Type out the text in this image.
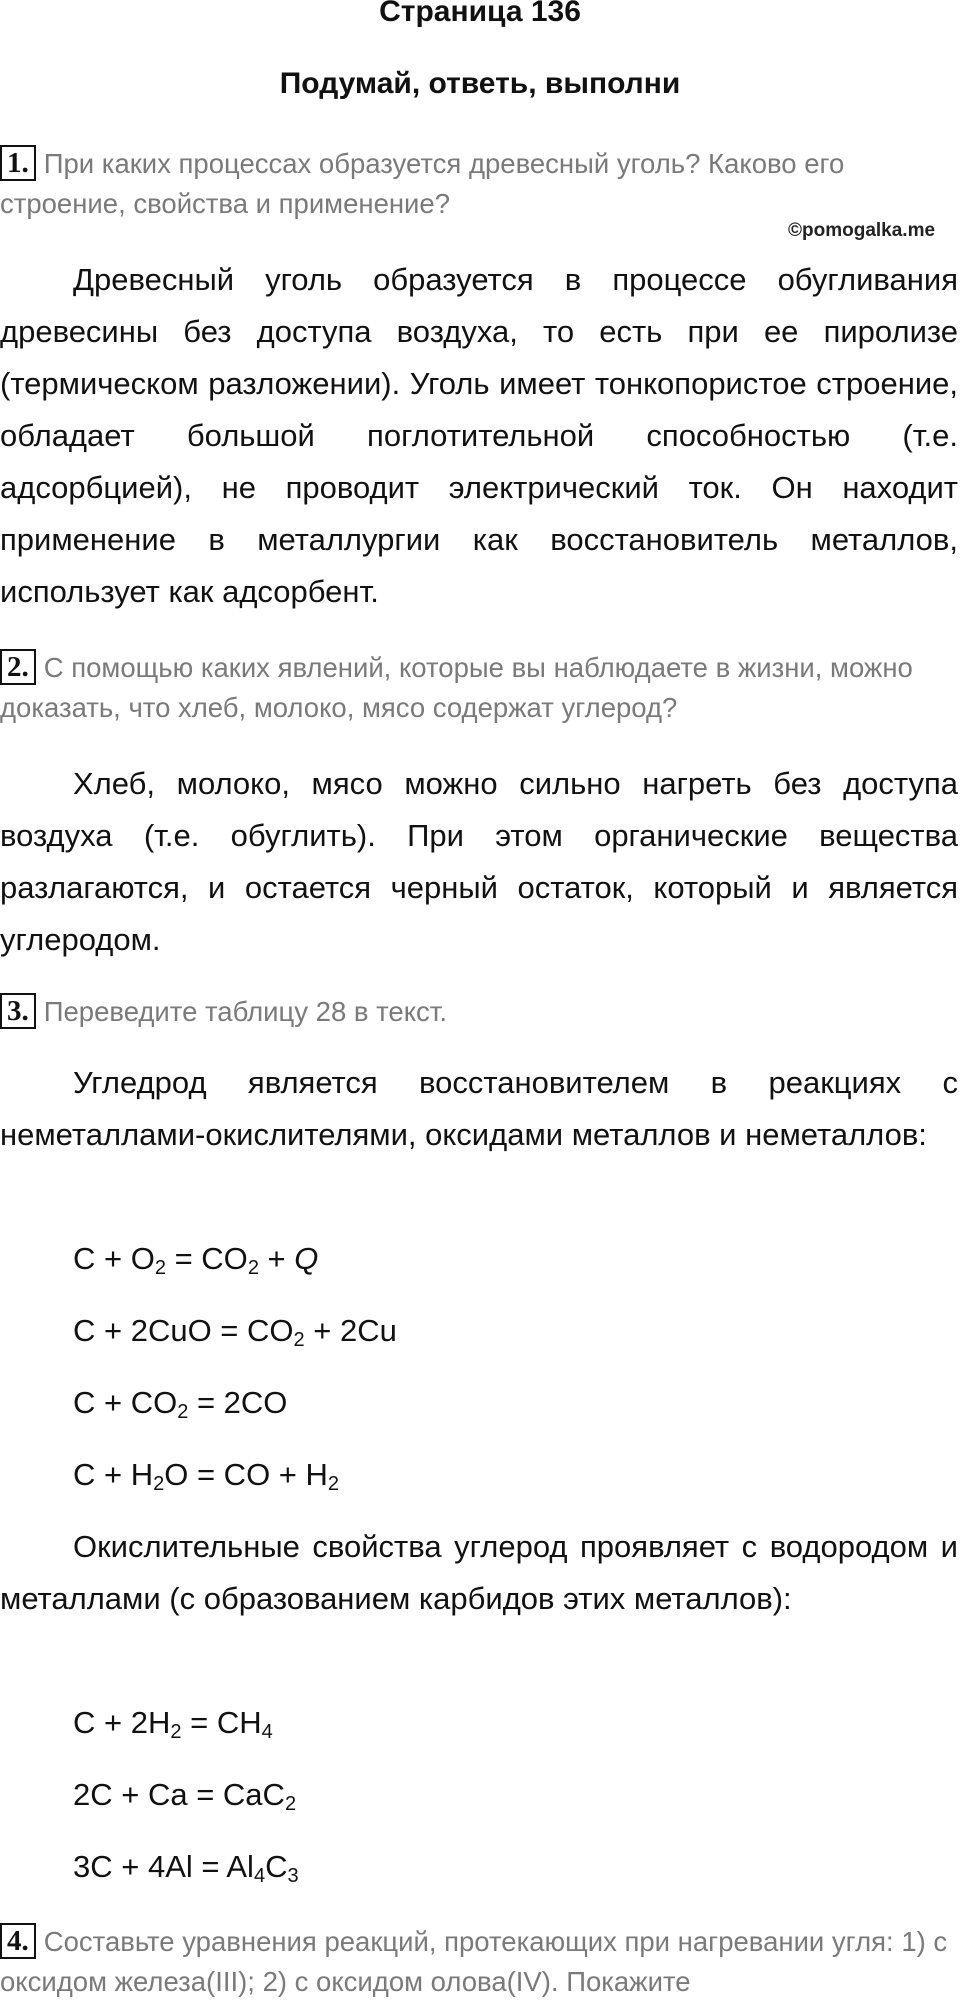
Страница 136
Подумай, ответь, выполни
1. При каких процессах образуется древесный уголь? Каково его строение, свойства и применение?
©pomogalka.me
Древесный уголь образуется в процессе обугливания древесины без доступа воздуха, то есть при ее пиролизе (термическом разложении). Уголь имеет тонкопористое строение, обладает большой поглотительной способностью (т.е. адсорбцией), не проводит электрический ток. Он находит применение в металлургии как восстановитель металлов, использует как адсорбент.
2. С помощью каких явлений, которые вы наблюдаете в жизни, можно доказать, что хлеб, молоко, мясо содержат углерод?
Хлеб, молоко, мясо можно сильно нагреть без доступа воздуха (т.е. обуглить). При этом органические вещества разлагаются, и остается черный остаток, который и является углеродом.
3. Переведите таблицу 28 в текст.
Угледрод является восстановителем в реакциях с неметаллами-окислителями, оксидами металлов и неметаллов:
$C + O_2 = CO_2 + Q$
$C + 2CuO = CO_2 + 2Cu$
$C + CO_2 = 2CO$
$C + H_2O$ = CO + $H_2$
Окислительные свойства углерод проявляет с водородом и металлами (с образованием карбидов этих металлов):
$C + 2H_2 = CH_4$
2C + Ca = CaC$_2$
$3C + 4Al = Al_4C_3$
4. Составьте уравнения реакций, протекающих при нагревании угля: 1) с оксидом железа(III); 2) с оксидом олова(IV). Покажите
